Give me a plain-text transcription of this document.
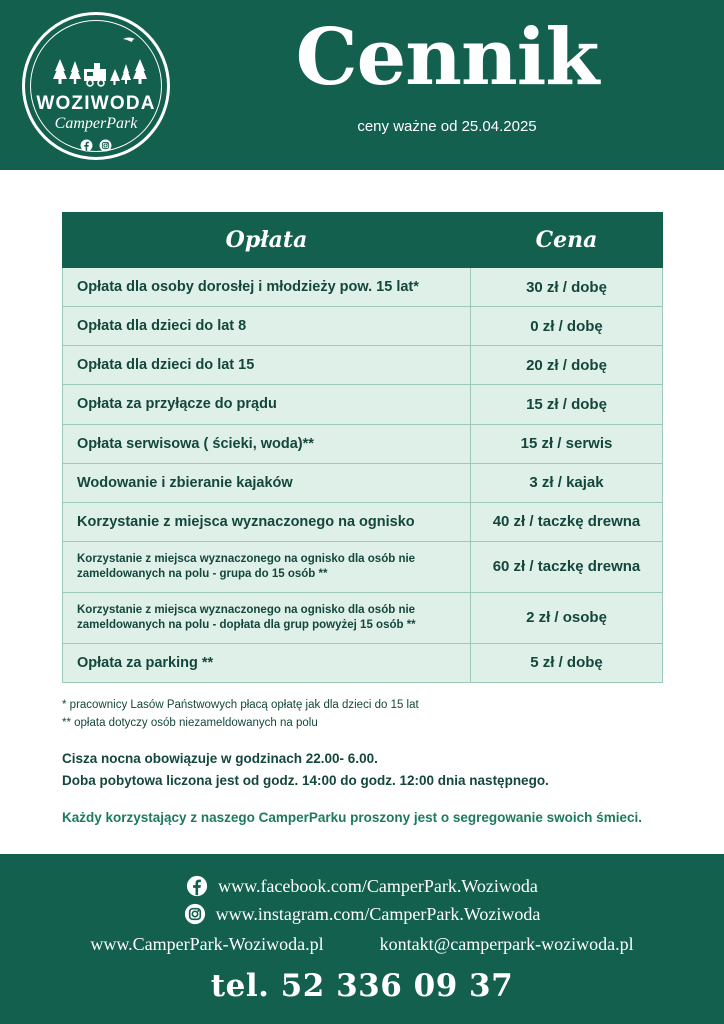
WOZIWODA
CamperPark
Cennik
ceny ważne od 25.04.2025
Opłata	Cena
Opłata dla osoby dorosłej i młodzieży pow. 15 lat*	30 zł / dobę
Opłata dla dzieci do lat 8	0 zł / dobę
Opłata dla dzieci do lat 15	20 zł / dobę
Opłata za przyłącze do prądu	15 zł / dobę
Opłata serwisowa ( ścieki, woda)**	15 zł / serwis
Wodowanie i zbieranie kajaków	3 zł / kajak
Korzystanie z miejsca wyznaczonego na ognisko	40 zł / taczkę drewna
Korzystanie z miejsca wyznaczonego na ognisko dla osób nie zameldowanych na polu - grupa do 15 osób **	60 zł / taczkę drewna
Korzystanie z miejsca wyznaczonego na ognisko dla osób nie zameldowanych na polu - dopłata dla grup powyżej 15 osób **	2 zł / osobę
Opłata za parking **	5 zł / dobę
* pracownicy Lasów Państwowych płacą opłatę jak dla dzieci do 15 lat
** opłata dotyczy osób niezameldowanych na polu
Cisza nocna obowiązuje w godzinach 22.00- 6.00.
Doba pobytowa liczona jest od godz. 14:00 do godz. 12:00 dnia następnego.
Każdy korzystający z naszego CamperParku proszony jest o segregowanie swoich śmieci.
www.facebook.com/CamperPark.Woziwoda
www.instagram.com/CamperPark.Woziwoda
www.CamperPark-Woziwoda.pl	kontakt@camperpark-woziwoda.pl
tel. 52 336 09 37
